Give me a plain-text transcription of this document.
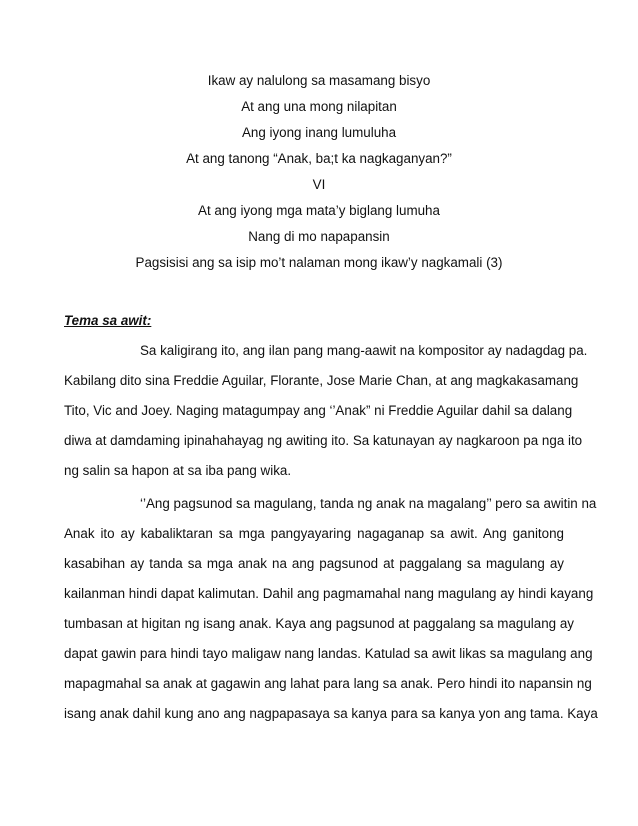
Ikaw ay nalulong sa masamang bisyo
At ang una mong nilapitan
Ang iyong inang lumuluha
At ang tanong “Anak, ba;t ka nagkaganyan?”
VI
At ang iyong mga mata’y biglang lumuha
Nang di mo napapansin
Pagsisisi ang sa isip mo’t nalaman mong ikaw’y nagkamali (3)
Tema sa awit:
Sa kaligirang ito, ang ilan pang mang-aawit na kompositor ay nadagdag pa.
Kabilang dito sina Freddie Aguilar, Florante, Jose Marie Chan, at ang magkakasamang
Tito, Vic and Joey. Naging matagumpay ang ‘’Anak” ni Freddie Aguilar dahil sa dalang
diwa at damdaming ipinahahayag ng awiting ito. Sa katunayan ay nagkaroon pa nga ito
ng salin sa hapon at sa iba pang wika.
‘’Ang pagsunod sa magulang, tanda ng anak na magalang’’ pero sa awitin na
Anak ito ay kabaliktaran sa mga pangyayaring nagaganap sa awit. Ang ganitong
kasabihan ay tanda sa mga anak na ang pagsunod at paggalang sa magulang ay
kailanman hindi dapat kalimutan. Dahil ang pagmamahal nang magulang ay hindi kayang
tumbasan at higitan ng isang anak. Kaya ang pagsunod at paggalang sa magulang ay
dapat gawin para hindi tayo maligaw nang landas. Katulad sa awit likas sa magulang ang
mapagmahal sa anak at gagawin ang lahat para lang sa anak. Pero hindi ito napansin ng
isang anak dahil kung ano ang nagpapasaya sa kanya para sa kanya yon ang tama. Kaya
